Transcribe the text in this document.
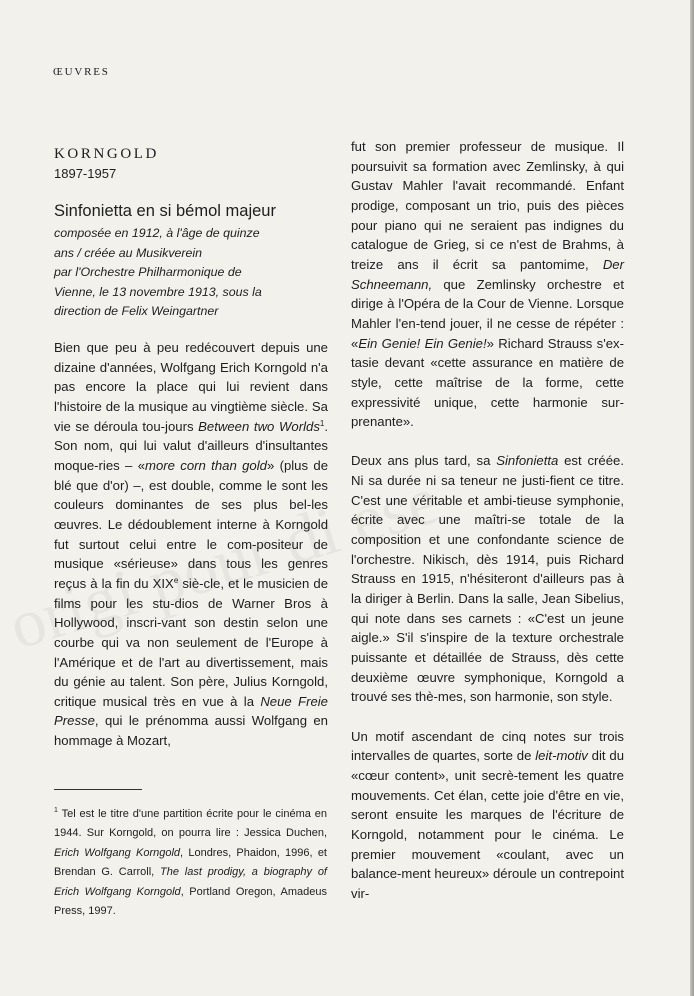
ŒUVRES
KORNGOLD
1897-1957
Sinfonietta en si bémol majeur
composée en 1912, à l'âge de quinze
ans / créée au Musikverein
par l'Orchestre Philharmonique de
Vienne, le 13 novembre 1913, sous la
direction de Felix Weingartner

Bien que peu à peu redécouvert depuis une dizaine d'années, Wolfgang Erich Korngold n'a pas encore la place qui lui revient dans l'histoire de la musique au vingtième siècle. Sa vie se déroula tou-jours Between two Worlds$^1$. Son nom, qui lui valut d'ailleurs d'insultantes moque-ries – «more corn than gold» (plus de blé que d'or) –, est double, comme le sont les couleurs dominantes de ses plus bel-les œuvres. Le dédoublement interne à Korngold fut surtout celui entre le com-positeur de musique «sérieuse» dans tous les genres reçus à la fin du XIXe siè-cle, et le musicien de films pour les stu-dios de Warner Bros à Hollywood, inscri-vant son destin selon une courbe qui va non seulement de l'Europe à l'Amérique et de l'art au divertissement, mais du génie au talent. Son père, Julius Korngold, critique musical très en vue à la Neue Freie Presse, qui le prénomma aussi Wolfgang en hommage à Mozart,

fut son premier professeur de musique. Il poursuivit sa formation avec Zemlinsky, à qui Gustav Mahler l'avait recommandé. Enfant prodige, composant un trio, puis des pièces pour piano qui ne seraient pas indignes du catalogue de Grieg, si ce n'est de Brahms, à treize ans il écrit sa pantomime, Der Schneemann, que Zemlinsky orchestre et dirige à l'Opéra de la Cour de Vienne. Lorsque Mahler l'en-tend jouer, il ne cesse de répéter : «Ein Genie! Ein Genie!» Richard Strauss s'ex-tasie devant «cette assurance en matière de style, cette maîtrise de la forme, cette expressivité unique, cette harmonie sur-prenante».

Deux ans plus tard, sa Sinfonietta est créée. Ni sa durée ni sa teneur ne justi-fient ce titre. C'est une véritable et ambi-tieuse symphonie, écrite avec une maîtri-se totale de la composition et une confondante science de l'orchestre. Nikisch, dès 1914, puis Richard Strauss en 1915, n'hésiteront d'ailleurs pas à la diriger à Berlin. Dans la salle, Jean Sibelius, qui note dans ses carnets : «C'est un jeune aigle.» S'il s'inspire de la texture orchestrale puissante et détaillée de Strauss, dès cette deuxième œuvre symphonique, Korngold a trouvé ses thè-mes, son harmonie, son style.

Un motif ascendant de cinq notes sur trois intervalles de quartes, sorte de leit-motiv dit du «cœur content», unit secrè-tement les quatre mouvements. Cet élan, cette joie d'être en vie, seront ensuite les marques de l'écriture de Korngold, notamment pour le cinéma. Le premier mouvement «coulant, avec un balance-ment heureux» déroule un contrepoint vir-

$^1$ Tel est le titre d'une partition écrite pour le cinéma en 1944. Sur Korngold, on pourra lire : Jessica Duchen, Erich Wolfgang Korngold, Londres, Phaidon, 1996, et Brendan G. Carroll, The last prodigy, a biography of Erich Wolfgang Korngold, Portland Oregon, Amadeus Press, 1997.
